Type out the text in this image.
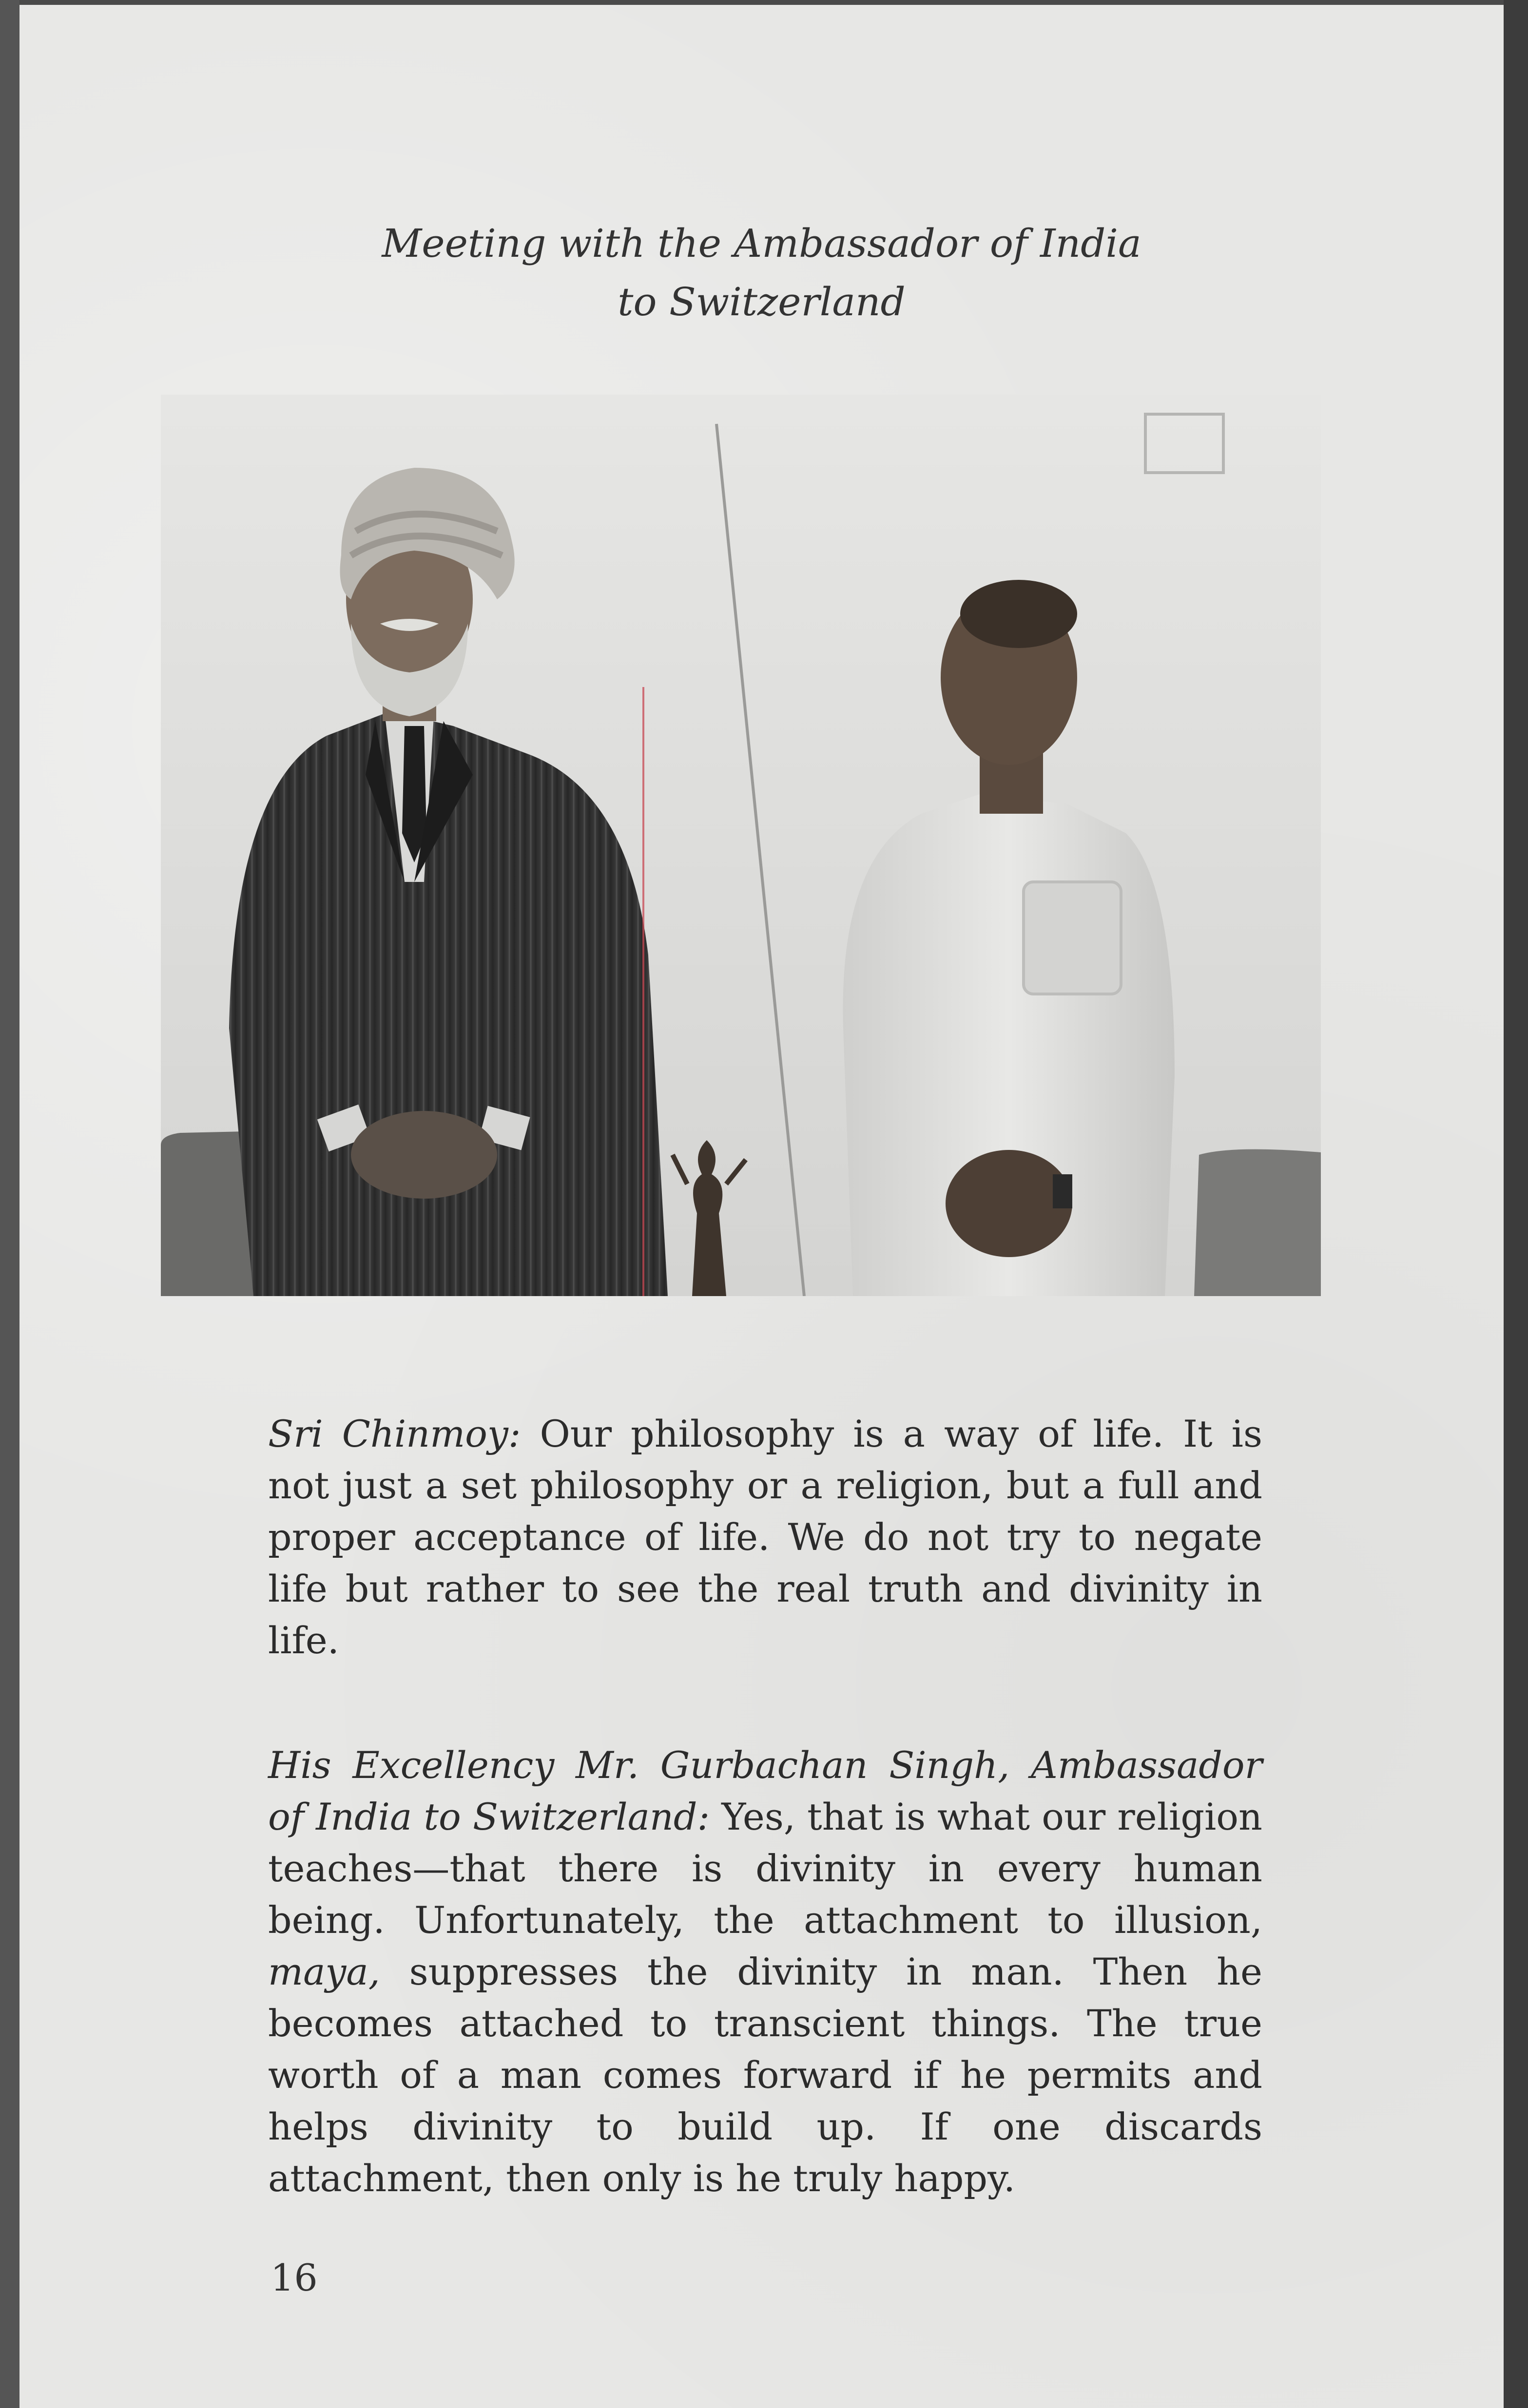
Meeting with the Ambassador of India
to Switzerland
Sri Chinmoy: Our philosophy is a way of life. It is not just a set philosophy or a religion, but a full and proper acceptance of life. We do not try to negate life but rather to see the real truth and divinity in life.
His Excellency Mr. Gurbachan Singh, Ambassador of India to Switzerland: Yes, that is what our religion teaches—that there is divinity in every human being. Unfortunately, the attachment to illusion, maya, suppresses the divinity in man. Then he becomes attached to transcient things. The true worth of a man comes forward if he permits and helps divinity to build up. If one discards attachment, then only is he truly happy.
16
